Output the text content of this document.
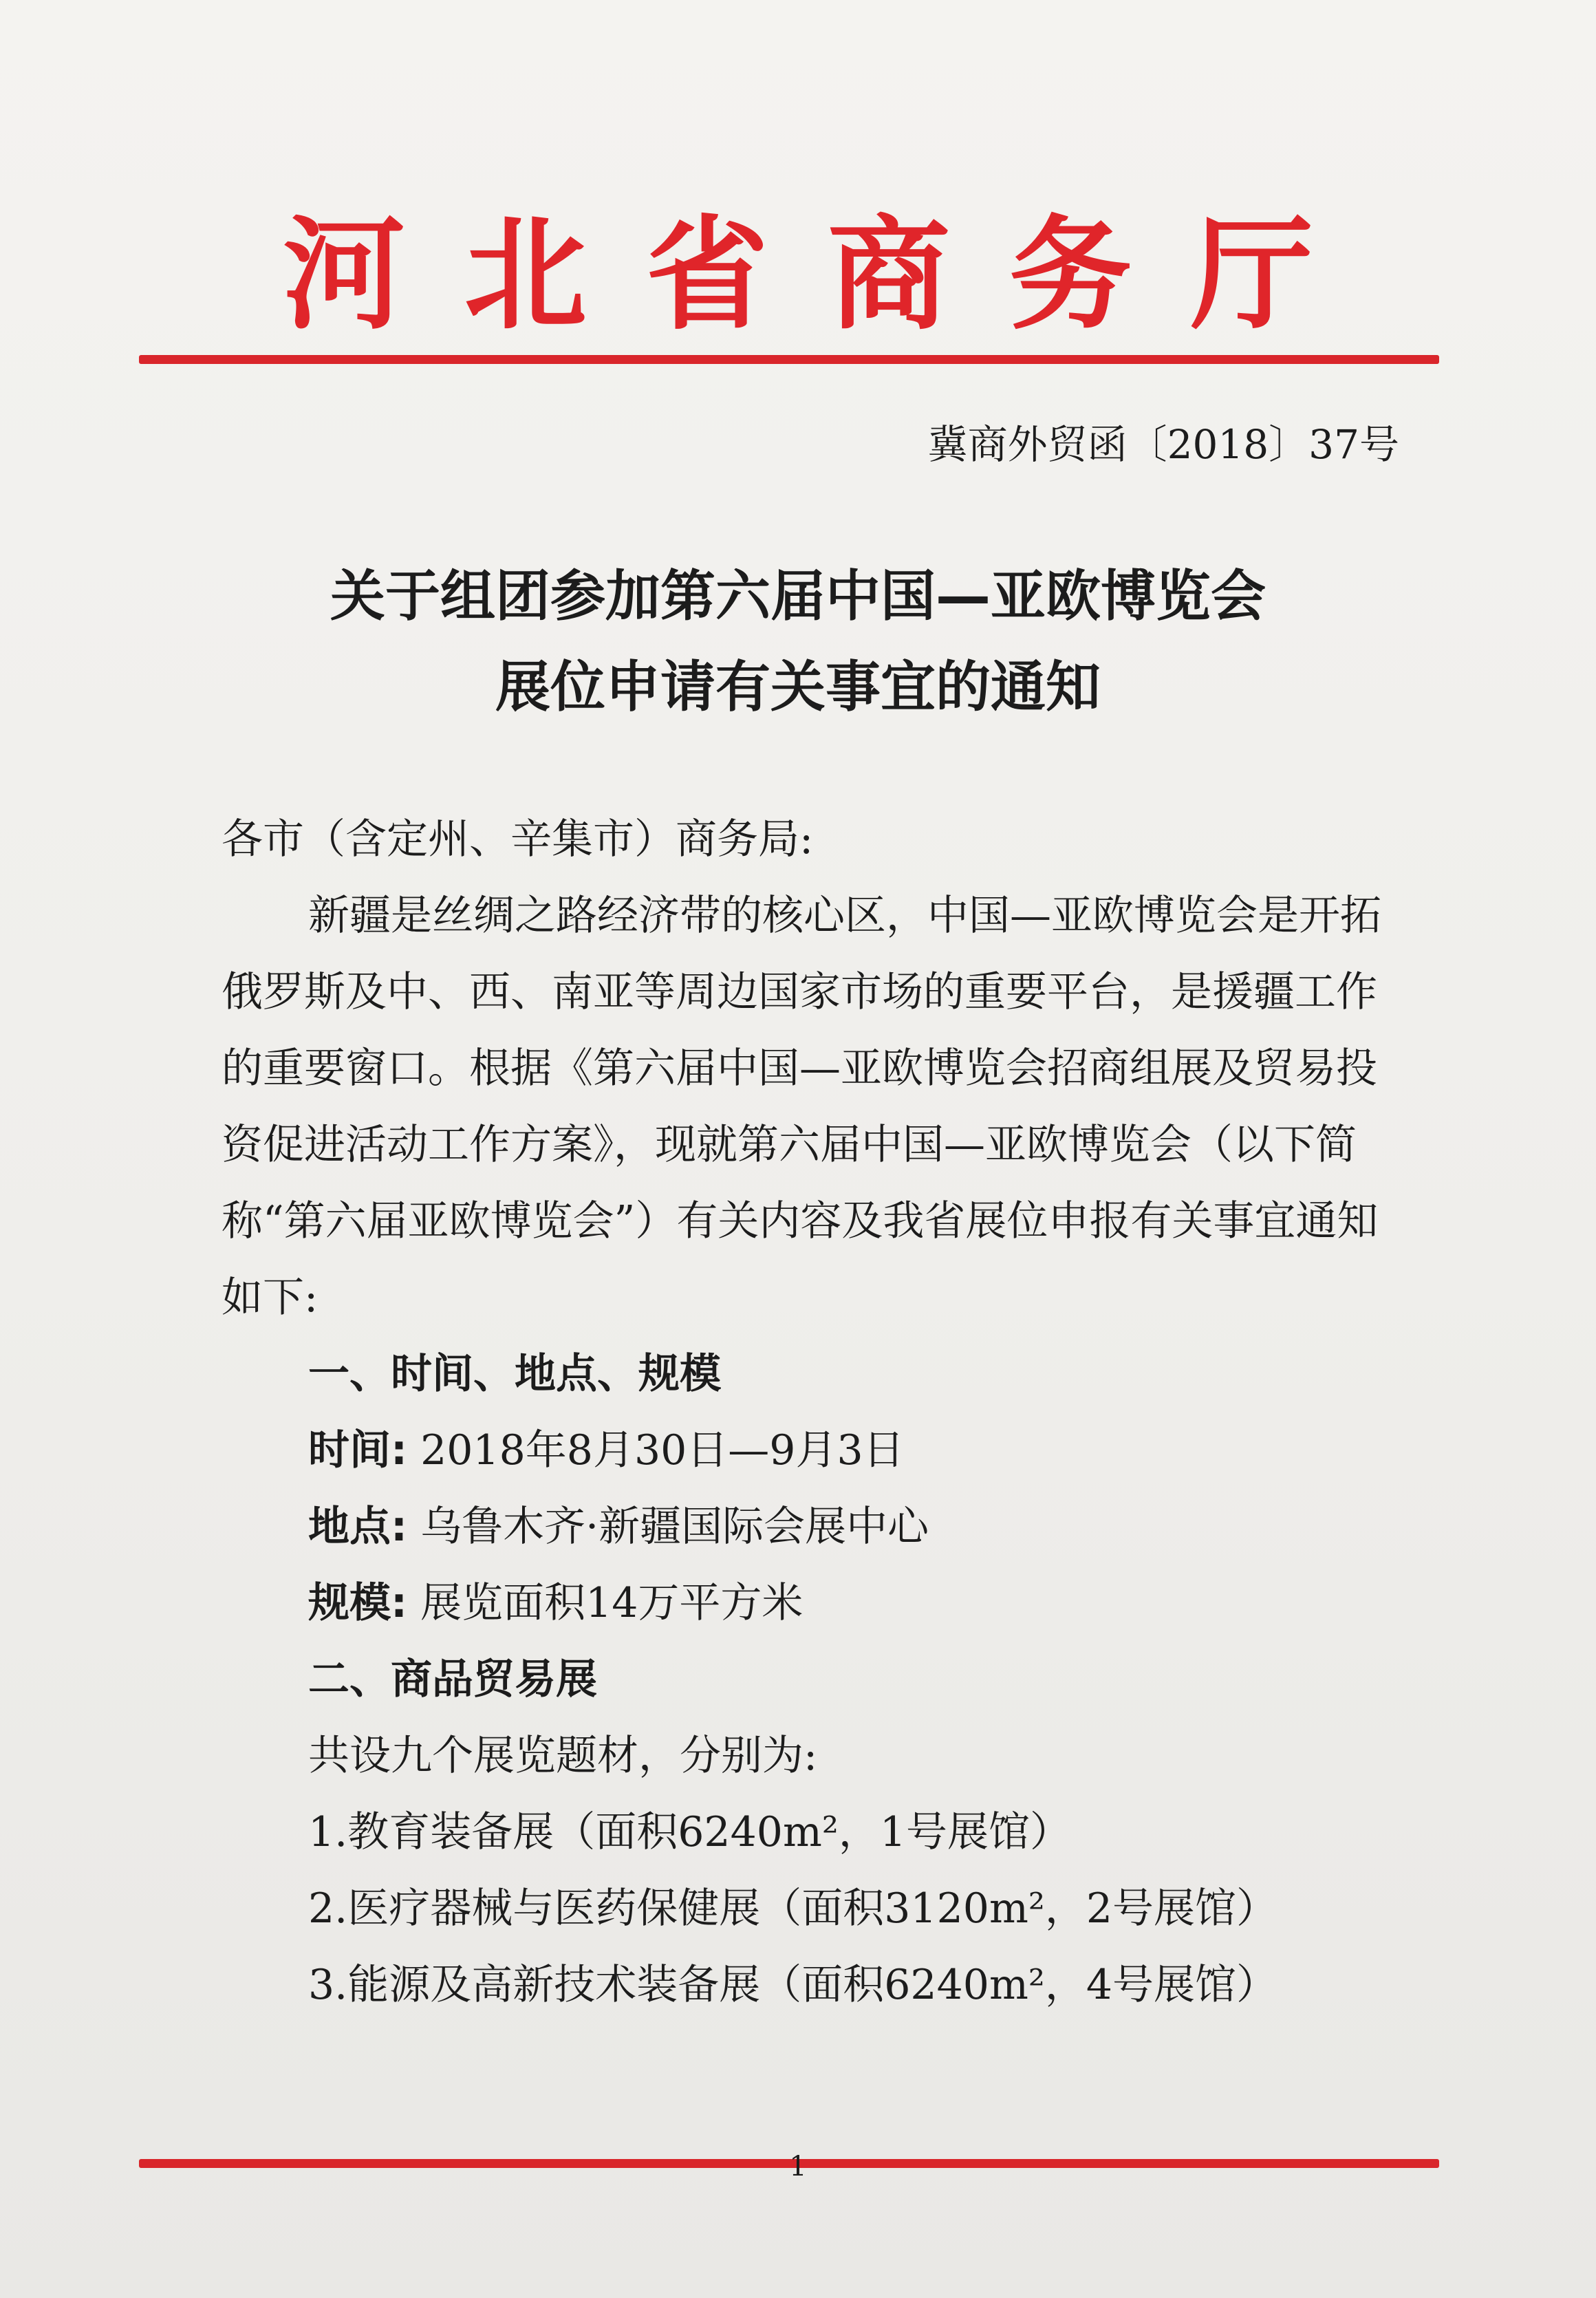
河北省商务厅
冀商外贸函〔2018〕37号
关于组团参加第六届中国—亚欧博览会
展位申请有关事宜的通知
各市（含定州、辛集市）商务局:
新疆是丝绸之路经济带的核心区，中国—亚欧博览会是开拓
俄罗斯及中、西、南亚等周边国家市场的重要平台，是援疆工作
的重要窗口。根据《第六届中国—亚欧博览会招商组展及贸易投
资促进活动工作方案》，现就第六届中国—亚欧博览会（以下简
称“第六届亚欧博览会”）有关内容及我省展位申报有关事宜通知
如下:
一、时间、地点、规模
时间: 2018年8月30日—9月3日
地点: 乌鲁木齐·新疆国际会展中心
规模: 展览面积14万平方米
二、商品贸易展
共设九个展览题材，分别为:
1.教育装备展（面积6240m²，1号展馆）
2.医疗器械与医药保健展（面积3120m²，2号展馆）
3.能源及高新技术装备展（面积6240m²，4号展馆）
1
